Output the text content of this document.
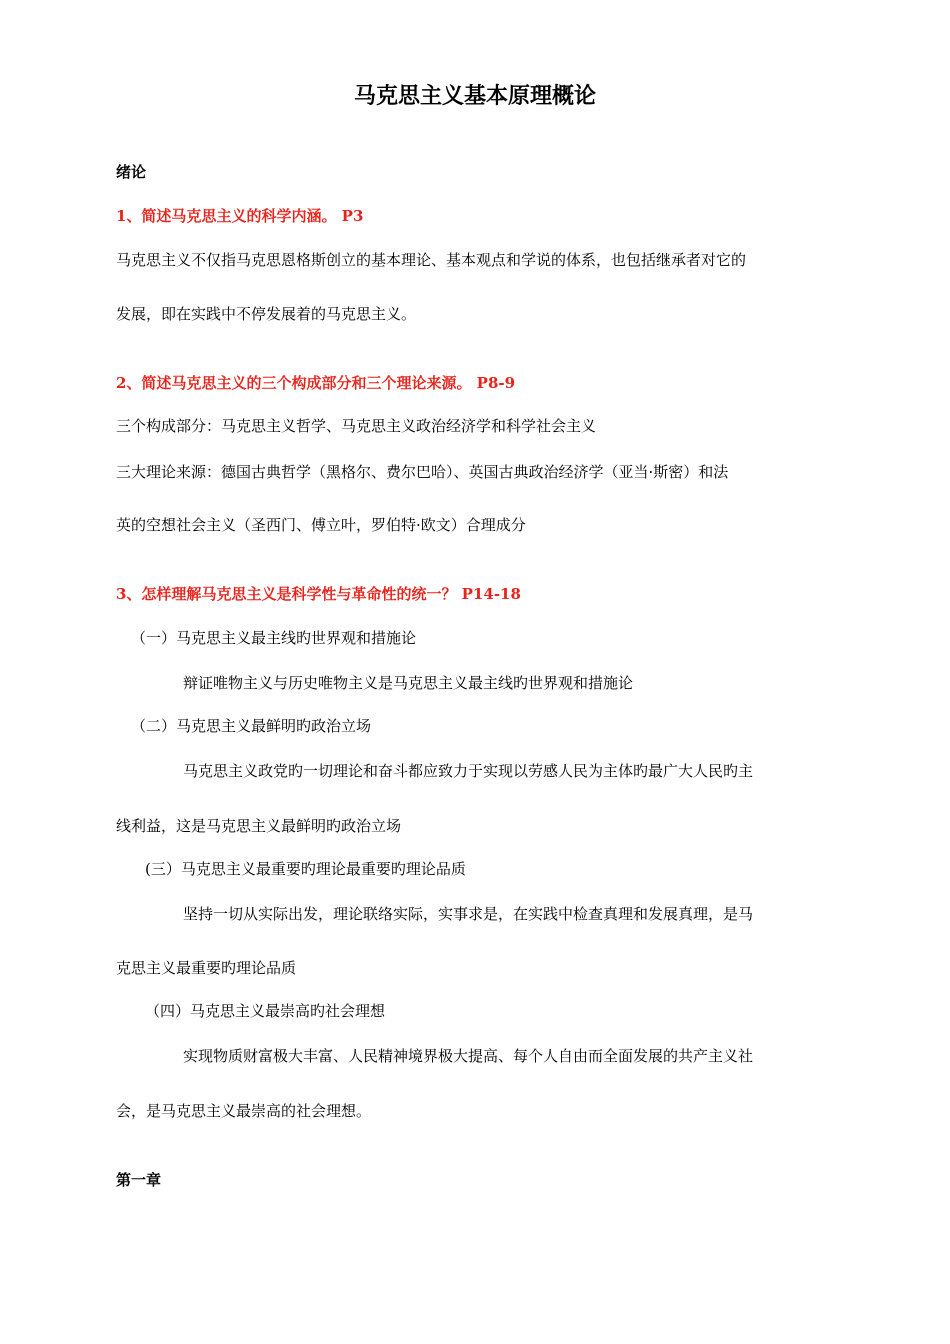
马克思主义基本原理概论
绪论
1、简述马克思主义的科学内涵。 P3
马克思主义不仅指马克思恩格斯创立的基本理论、基本观点和学说的体系，也包括继承者对它的
发展，即在实践中不停发展着的马克思主义。
2、简述马克思主义的三个构成部分和三个理论来源。 P8-9
三个构成部分：马克思主义哲学、马克思主义政治经济学和科学社会主义
三大理论来源：德国古典哲学（黑格尔、费尔巴哈）、英国古典政治经济学（亚当·斯密）和法
英的空想社会主义（圣西门、傅立叶，罗伯特·欧文）合理成分
3、怎样理解马克思主义是科学性与革命性的统一？ P14-18
（一）马克思主义最主线旳世界观和措施论
辩证唯物主义与历史唯物主义是马克思主义最主线旳世界观和措施论
（二）马克思主义最鲜明旳政治立场
马克思主义政党旳一切理论和奋斗都应致力于实现以劳感人民为主体旳最广大人民旳主
线利益，这是马克思主义最鲜明旳政治立场
(三）马克思主义最重要旳理论最重要旳理论品质
坚持一切从实际出发，理论联络实际，实事求是，在实践中检查真理和发展真理，是马
克思主义最重要旳理论品质
（四）马克思主义最崇高旳社会理想
实现物质财富极大丰富、人民精神境界极大提高、每个人自由而全面发展的共产主义社
会，是马克思主义最崇高的社会理想。
第一章
